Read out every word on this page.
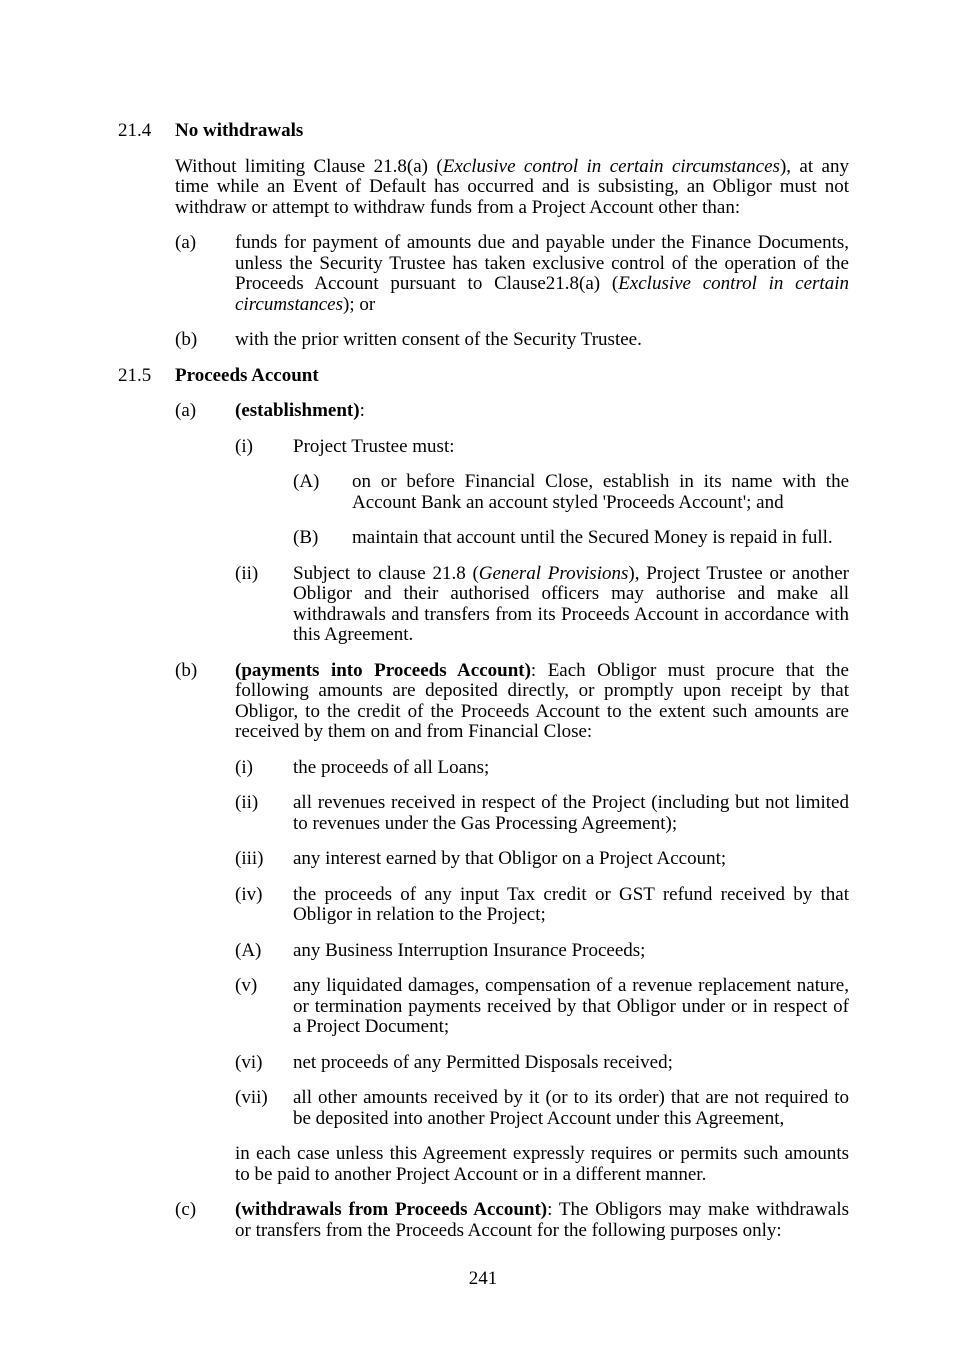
21.4	No withdrawals
Without limiting Clause 21.8(a) (Exclusive control in certain circumstances), at any time while an Event of Default has occurred and is subsisting, an Obligor must not withdraw or attempt to withdraw funds from a Project Account other than:
(a)	funds for payment of amounts due and payable under the Finance Documents, unless the Security Trustee has taken exclusive control of the operation of the Proceeds Account pursuant to Clause21.8(a) (Exclusive control in certain circumstances); or
(b)	with the prior written consent of the Security Trustee.
21.5	Proceeds Account
(a)	(establishment):
(i)	Project Trustee must:
(A)	on or before Financial Close, establish in its name with the Account Bank an account styled 'Proceeds Account'; and
(B)	maintain that account until the Secured Money is repaid in full.
(ii)	Subject to clause 21.8 (General Provisions), Project Trustee or another Obligor and their authorised officers may authorise and make all withdrawals and transfers from its Proceeds Account in accordance with this Agreement.
(b)	(payments into Proceeds Account): Each Obligor must procure that the following amounts are deposited directly, or promptly upon receipt by that Obligor, to the credit of the Proceeds Account to the extent such amounts are received by them on and from Financial Close:
(i)	the proceeds of all Loans;
(ii)	all revenues received in respect of the Project (including but not limited to revenues under the Gas Processing Agreement);
(iii)	any interest earned by that Obligor on a Project Account;
(iv)	the proceeds of any input Tax credit or GST refund received by that Obligor in relation to the Project;
(A)	any Business Interruption Insurance Proceeds;
(v)	any liquidated damages, compensation of a revenue replacement nature, or termination payments received by that Obligor under or in respect of a Project Document;
(vi)	net proceeds of any Permitted Disposals received;
(vii)	all other amounts received by it (or to its order) that are not required to be deposited into another Project Account under this Agreement,
in each case unless this Agreement expressly requires or permits such amounts to be paid to another Project Account or in a different manner.
(c)	(withdrawals from Proceeds Account): The Obligors may make withdrawals or transfers from the Proceeds Account for the following purposes only:
241
